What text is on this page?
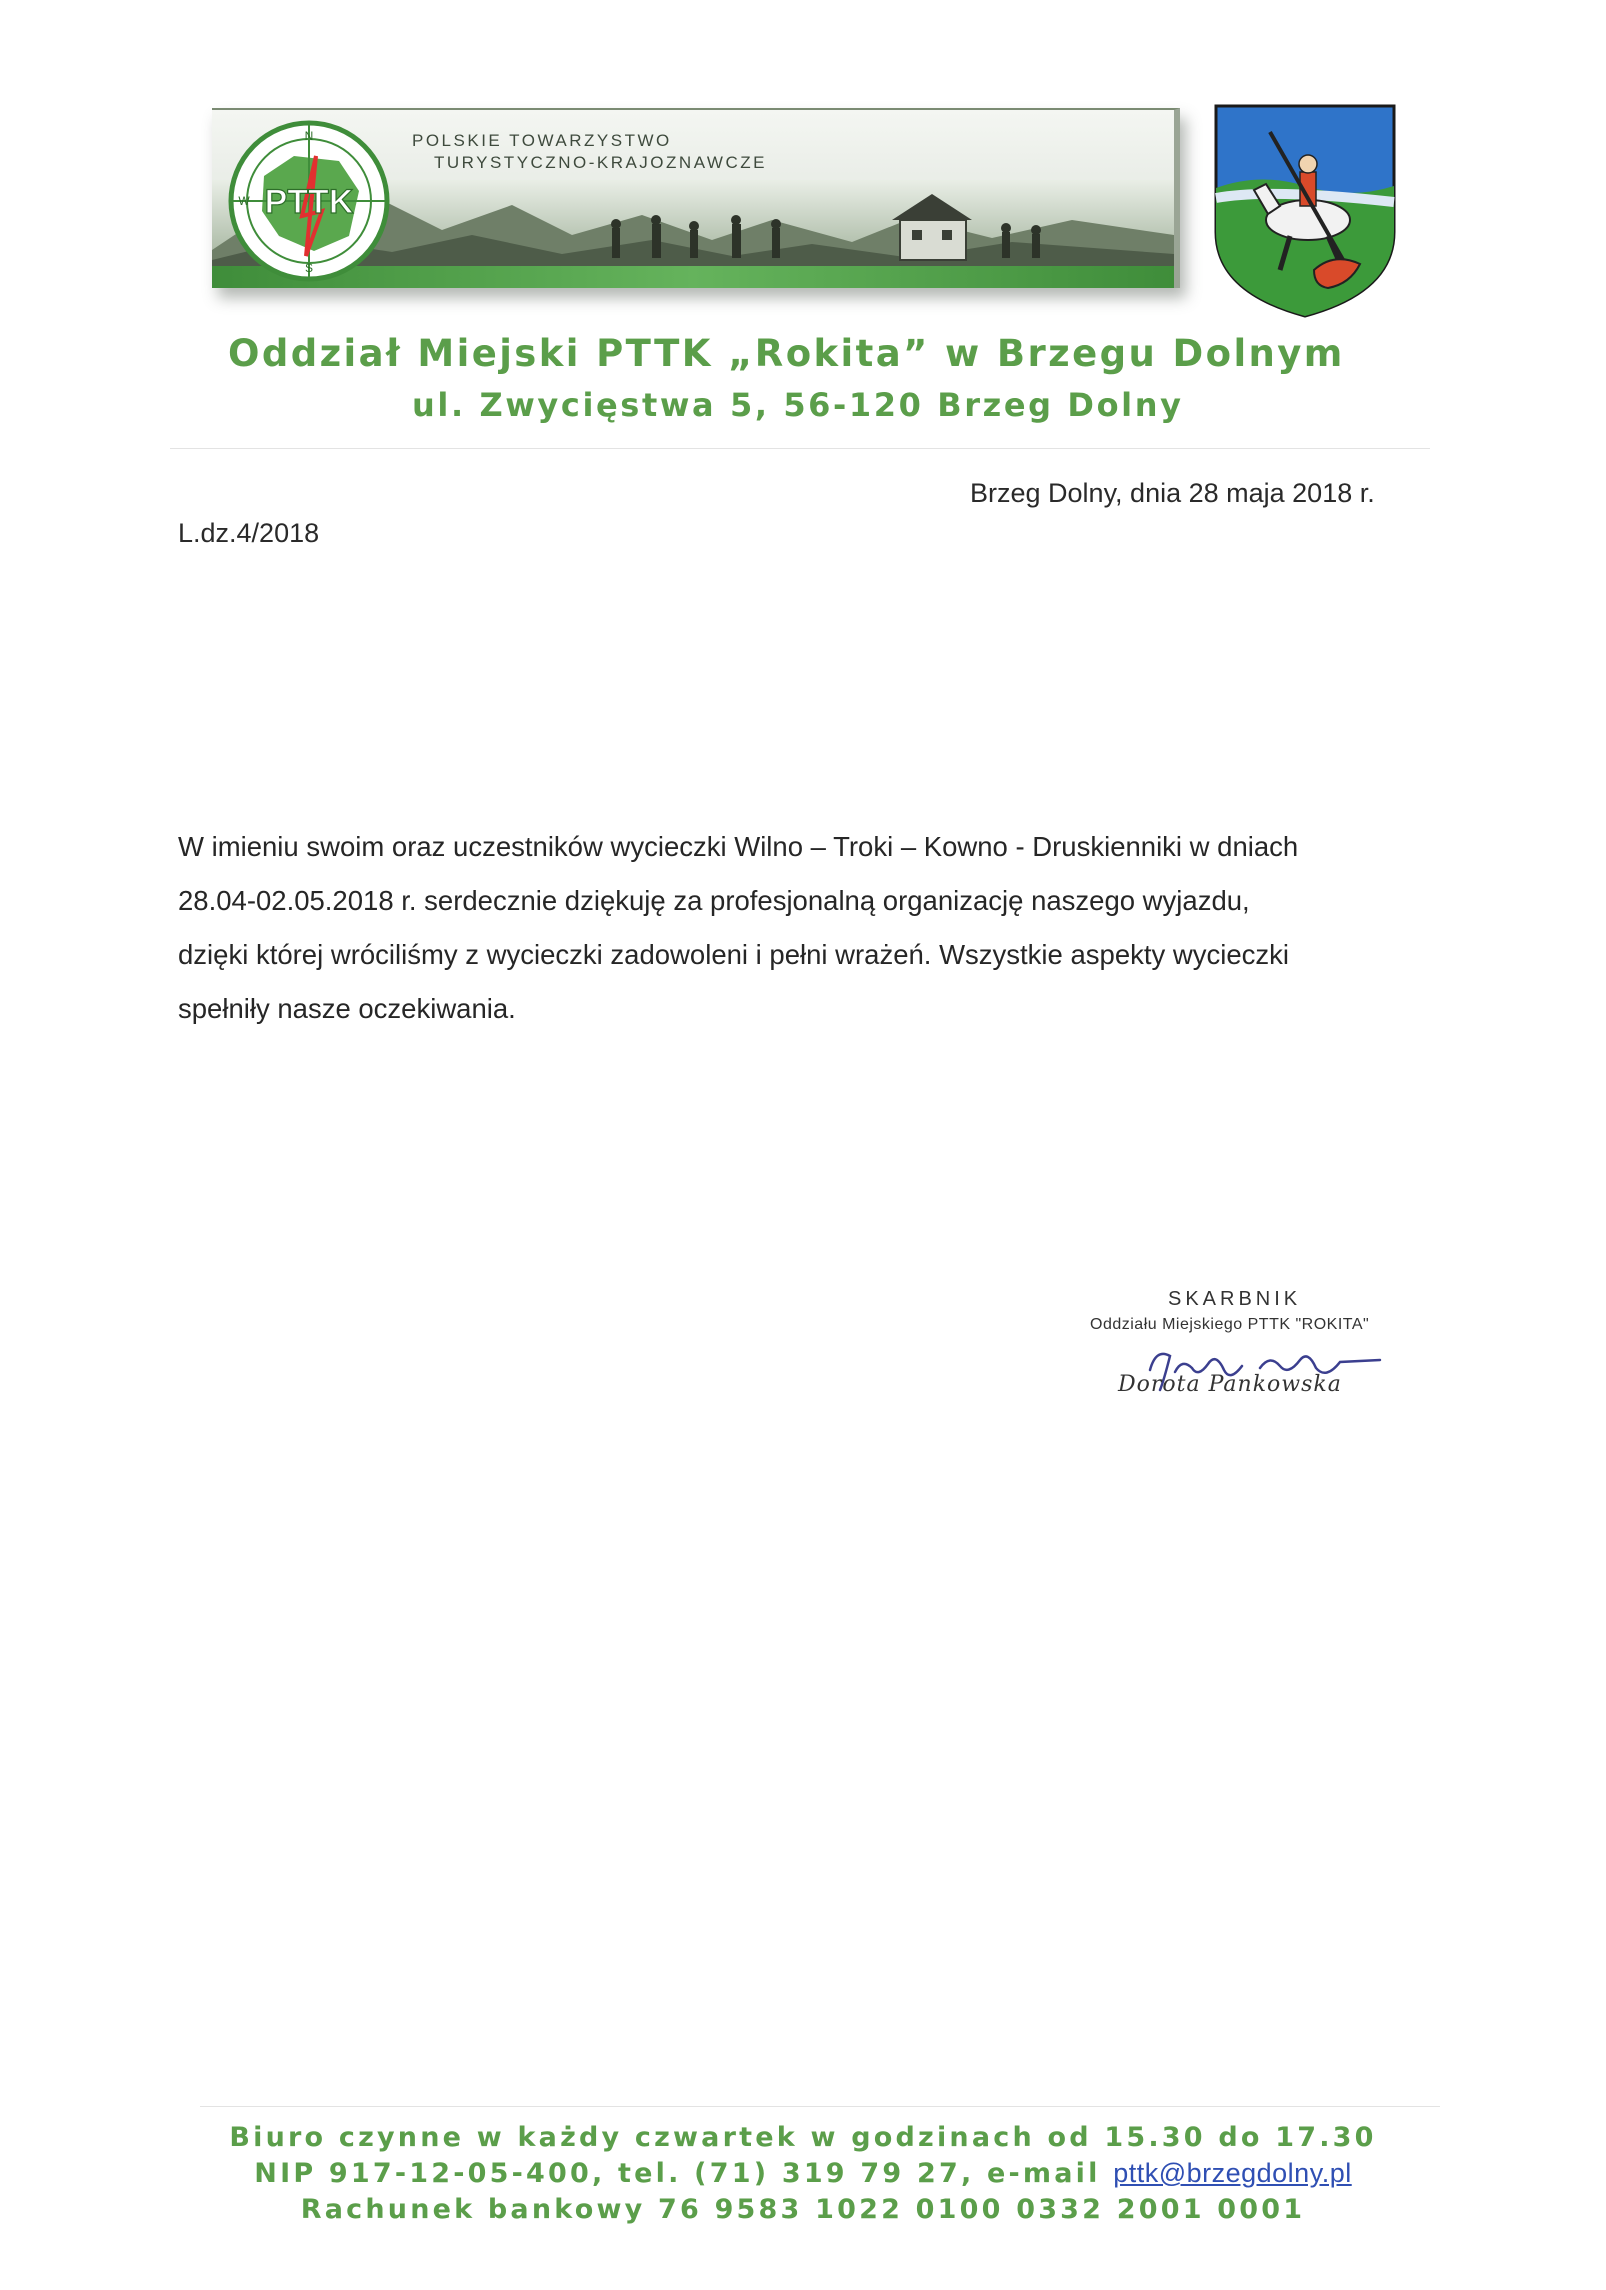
PTTK
N
W
S
POLSKIE TOWARZYSTWO
TURYSTYCZNO-KRAJOZNAWCZE
Oddział Miejski PTTK „Rokita” w Brzegu Dolnym
ul. Zwycięstwa 5, 56-120 Brzeg Dolny
Brzeg Dolny, dnia 28 maja 2018 r.
L.dz.4/2018
W imieniu swoim oraz uczestników wycieczki Wilno – Troki – Kowno - Druskienniki w dniach
28.04-02.05.2018 r. serdecznie dziękuję za profesjonalną organizację naszego wyjazdu,
dzięki której wróciliśmy z wycieczki zadowoleni i pełni wrażeń. Wszystkie aspekty wycieczki
spełniły nasze oczekiwania.
SKARBNIK
Oddziału Miejskiego PTTK "ROKITA"
Dorota Pankowska
Biuro czynne w każdy czwartek w godzinach od 15.30 do 17.30
NIP 917-12-05-400, tel. (71) 319 79 27, e-mail pttk@brzegdolny.pl
Rachunek bankowy 76 9583 1022 0100 0332 2001 0001
